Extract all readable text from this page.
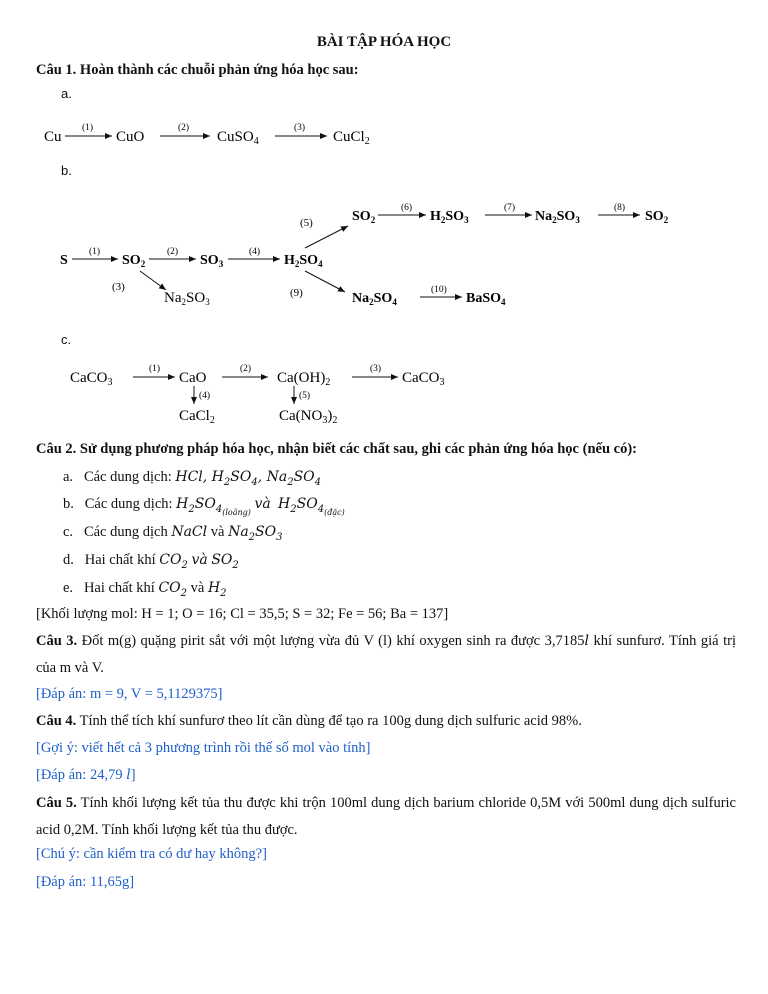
BÀI TẬP HÓA HỌC
Câu 1. Hoàn thành các chuỗi phản ứng hóa học sau:
a.
Cu
(1)
CuO
(2)
CuSO$_4$
(3)
CuCl$_2$
b.
(5)	$SO_2$
(6)
$H_2SO_3$
(7)
$Na_2SO_3$
(8)
$SO_2$
S
(1)
$SO_2$
(2)
$SO_3$
(4)
$H_2SO_4$
(3)
$Na_2SO_3$
(9)	$Na_2SO_4$
(10)
BaSO$_4$
c.
CaCO$_3$
(1)
CaO
(2)
$Ca(OH)_2$
(3)
CaCO$_3$
(4)
CaCl$_2$
(5)
$Ca(NO_3)_2$
Câu 2. Sử dụng phương pháp hóa học, nhận biết các chất sau, ghi các phản ứng hóa học (nếu có):
a. Các dung dịch: HCl, $H_2SO_4$, $Na_2SO_4$
b. Các dung dịch: $H_2SO_{4_{(loãng)}}$ và $H_2SO_{4_{(đặc)}}$
c. Các dung dịch NaCl và $Na_2SO_3$
d. Hai chất khí $CO_2$ và $SO_2$
e. Hai chất khí $CO_2$ và $H_2$
[Khối lượng mol: H = 1; O = 16; Cl = 35,5; S = 32; Fe = 56; Ba = 137]
Câu 3. Đốt m(g) quặng pirit sắt với một lượng vừa đủ V (l) khí oxygen sinh ra được 3,7185l khí sunfurơ. Tính giá trị của m và V.
[Đáp án: m = 9, V = 5,1129375]
Câu 4. Tính thể tích khí sunfurơ theo lít cần dùng để tạo ra 100g dung dịch sulfuric acid 98%.
[Gợi ý: viết hết cả 3 phương trình rồi thế số mol vào tính]
[Đáp án: 24,79 l]
Câu 5. Tính khối lượng kết tủa thu được khi trộn 100ml dung dịch barium chloride 0,5M với 500ml dung dịch sulfuric acid 0,2M. Tính khối lượng kết tủa thu được.
[Chú ý: cần kiểm tra có dư hay không?]
[Đáp án: 11,65g]
